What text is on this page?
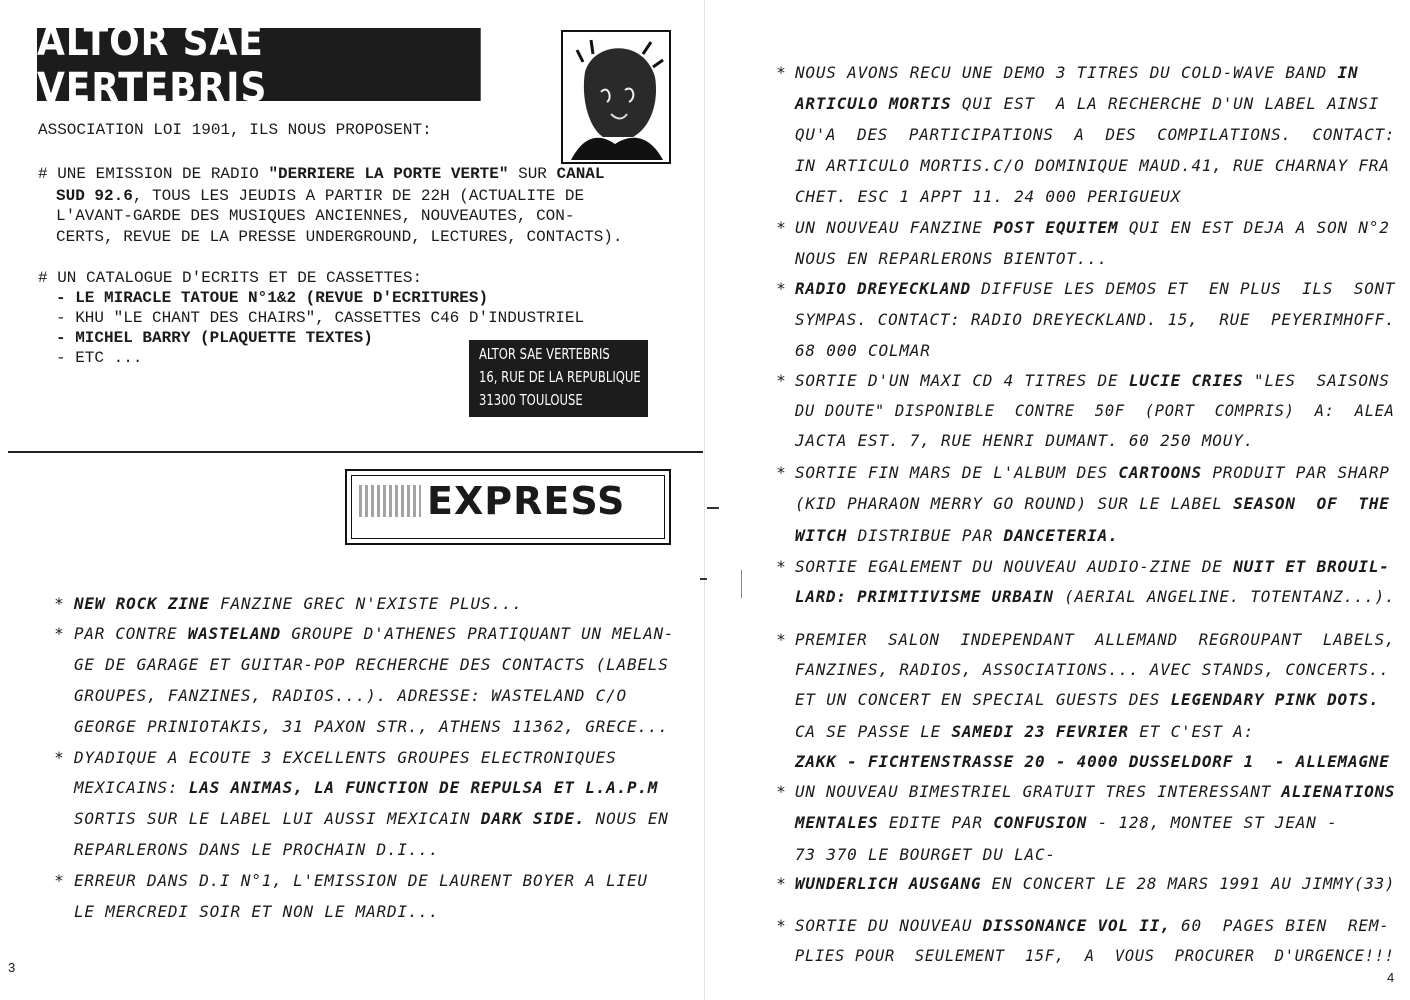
ALTOR SAE VERTEBRIS
ASSOCIATION LOI 1901, ILS NOUS PROPOSENT:
# UNE EMISSION DE RADIO "DERRIERE LA PORTE VERTE" SUR CANAL
SUD 92.6, TOUS LES JEUDIS A PARTIR DE 22H (ACTUALITE DE
L'AVANT-GARDE DES MUSIQUES ANCIENNES, NOUVEAUTES, CON-
CERTS, REVUE DE LA PRESSE UNDERGROUND, LECTURES, CONTACTS).
# UN CATALOGUE D'ECRITS ET DE CASSETTES:
- LE MIRACLE TATOUE N°1&2 (REVUE D'ECRITURES)
- KHU "LE CHANT DES CHAIRS", CASSETTES C46 D'INDUSTRIEL
- MICHEL BARRY (PLAQUETTE TEXTES)
- ETC ...	ALTOR SAE VERTEBRIS
16, RUE DE LA REPUBLIQUE
31300 TOULOUSE
EXPRESS
* NEW ROCK ZINE FANZINE GREC N'EXISTE PLUS...
* PAR CONTRE WASTELAND GROUPE D'ATHENES PRATIQUANT UN MELAN-
GE DE GARAGE ET GUITAR-POP RECHERCHE DES CONTACTS (LABELS
GROUPES, FANZINES, RADIOS...). ADRESSE: WASTELAND C/O
GEORGE PRINIOTAKIS, 31 PAXON STR., ATHENS 11362, GRECE...
* DYADIQUE A ECOUTE 3 EXCELLENTS GROUPES ELECTRONIQUES
MEXICAINS: LAS ANIMAS, LA FUNCTION DE REPULSA ET L.A.P.M
SORTIS SUR LE LABEL LUI AUSSI MEXICAIN DARK SIDE. NOUS EN
REPARLERONS DANS LE PROCHAIN D.I...
* ERREUR DANS D.I N°1, L'EMISSION DE LAURENT BOYER A LIEU
LE MERCREDI SOIR ET NON LE MARDI...
3
* NOUS AVONS RECU UNE DEMO 3 TITRES DU COLD-WAVE BAND IN
ARTICULO MORTIS QUI EST  A LA RECHERCHE D'UN LABEL AINSI
QU'A  DES  PARTICIPATIONS  A  DES  COMPILATIONS.  CONTACT:
IN ARTICULO MORTIS.C/O DOMINIQUE MAUD.41, RUE CHARNAY FRA
CHET. ESC 1 APPT 11. 24 000 PERIGUEUX
* UN NOUVEAU FANZINE POST EQUITEM QUI EN EST DEJA A SON N°2
NOUS EN REPARLERONS BIENTOT...
* RADIO DREYECKLAND DIFFUSE LES DEMOS ET  EN PLUS  ILS  SONT
SYMPAS. CONTACT: RADIO DREYECKLAND. 15,  RUE  PEYERIMHOFF.
68 000 COLMAR
* SORTIE D'UN MAXI CD 4 TITRES DE LUCIE CRIES "LES  SAISONS
DU DOUTE" DISPONIBLE  CONTRE  50F  (PORT  COMPRIS)  A:  ALEA
JACTA EST. 7, RUE HENRI DUMANT. 60 250 MOUY.
* SORTIE FIN MARS DE L'ALBUM DES CARTOONS PRODUIT PAR SHARP
(KID PHARAON MERRY GO ROUND) SUR LE LABEL SEASON  OF  THE
WITCH DISTRIBUE PAR DANCETERIA.
* SORTIE EGALEMENT DU NOUVEAU AUDIO-ZINE DE NUIT ET BROUIL-
LARD: PRIMITIVISME URBAIN (AERIAL ANGELINE. TOTENTANZ...).
* PREMIER  SALON  INDEPENDANT  ALLEMAND  REGROUPANT  LABELS,
FANZINES, RADIOS, ASSOCIATIONS... AVEC STANDS, CONCERTS..
ET UN CONCERT EN SPECIAL GUESTS DES LEGENDARY PINK DOTS.
CA SE PASSE LE SAMEDI 23 FEVRIER ET C'EST A:
ZAKK - FICHTENSTRASSE 20 - 4000 DUSSELDORF 1  - ALLEMAGNE
* UN NOUVEAU BIMESTRIEL GRATUIT TRES INTERESSANT ALIENATIONS
MENTALES EDITE PAR CONFUSION - 128, MONTEE ST JEAN -
73 370 LE BOURGET DU LAC-
* WUNDERLICH AUSGANG EN CONCERT LE 28 MARS 1991 AU JIMMY(33)
* SORTIE DU NOUVEAU DISSONANCE VOL II, 60  PAGES BIEN  REM-
PLIES POUR  SEULEMENT  15F,  A  VOUS  PROCURER  D'URGENCE!!!
4
